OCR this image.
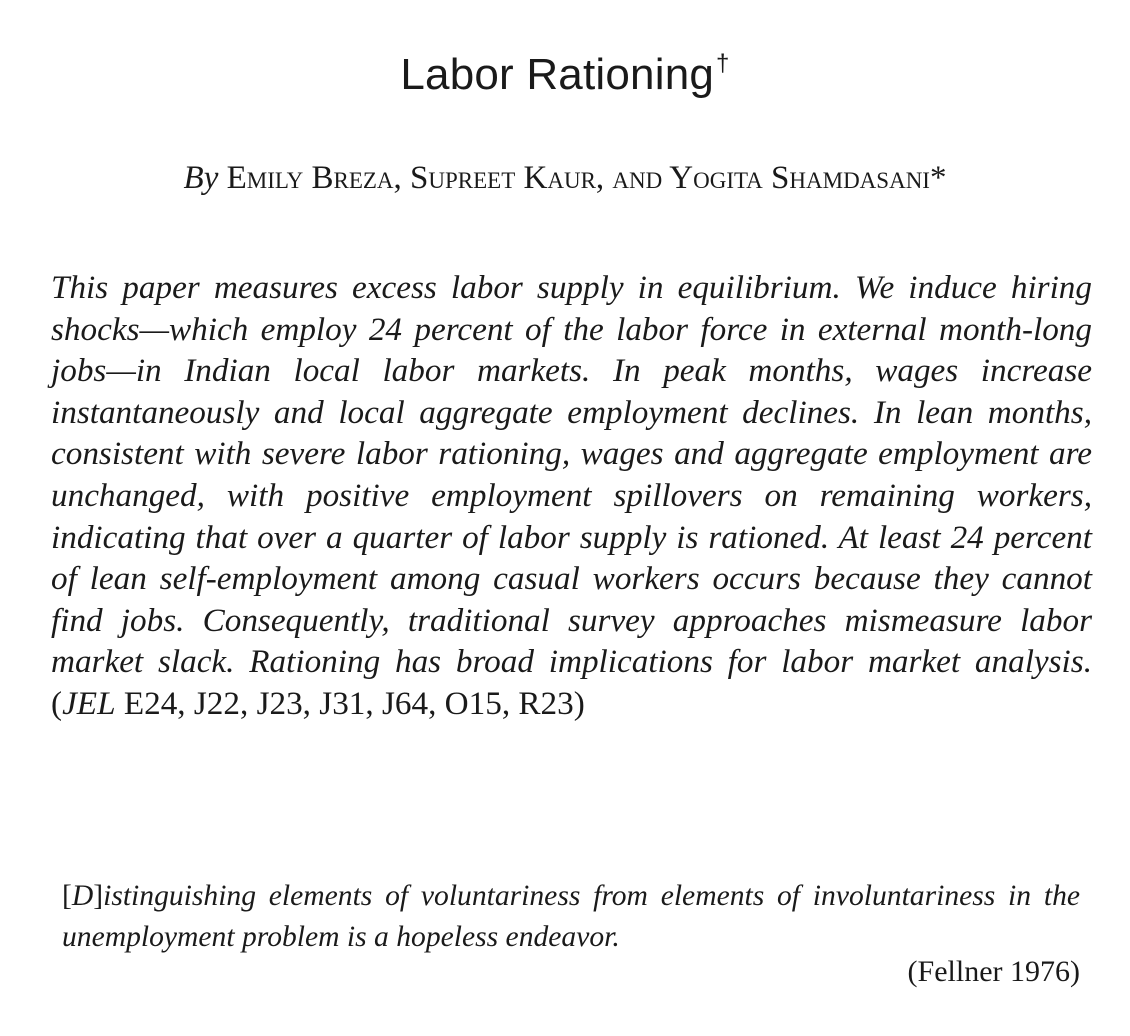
Labor Rationing†
By Emily Breza, Supreet Kaur, and Yogita Shamdasani*

This paper measures excess labor supply in equilibrium. We induce hiring shocks—which employ 24 percent of the labor force in external month-long jobs—in Indian local labor markets. In peak months, wages increase instantaneously and local aggregate employment declines. In lean months, consistent with severe labor rationing, wages and aggregate employment are unchanged, with positive employment spillovers on remaining workers, indicating that over a quarter of labor supply is rationed. At least 24 percent of lean self-employment among casual workers occurs because they cannot find jobs. Consequently, traditional survey approaches mismeasure labor market slack. Rationing has broad implications for labor market analysis. (JEL E24, J22, J23, J31, J64, O15, R23)

[D]istinguishing elements of voluntariness from elements of involuntariness in the unemployment problem is a hopeless endeavor.

(Fellner 1976)
